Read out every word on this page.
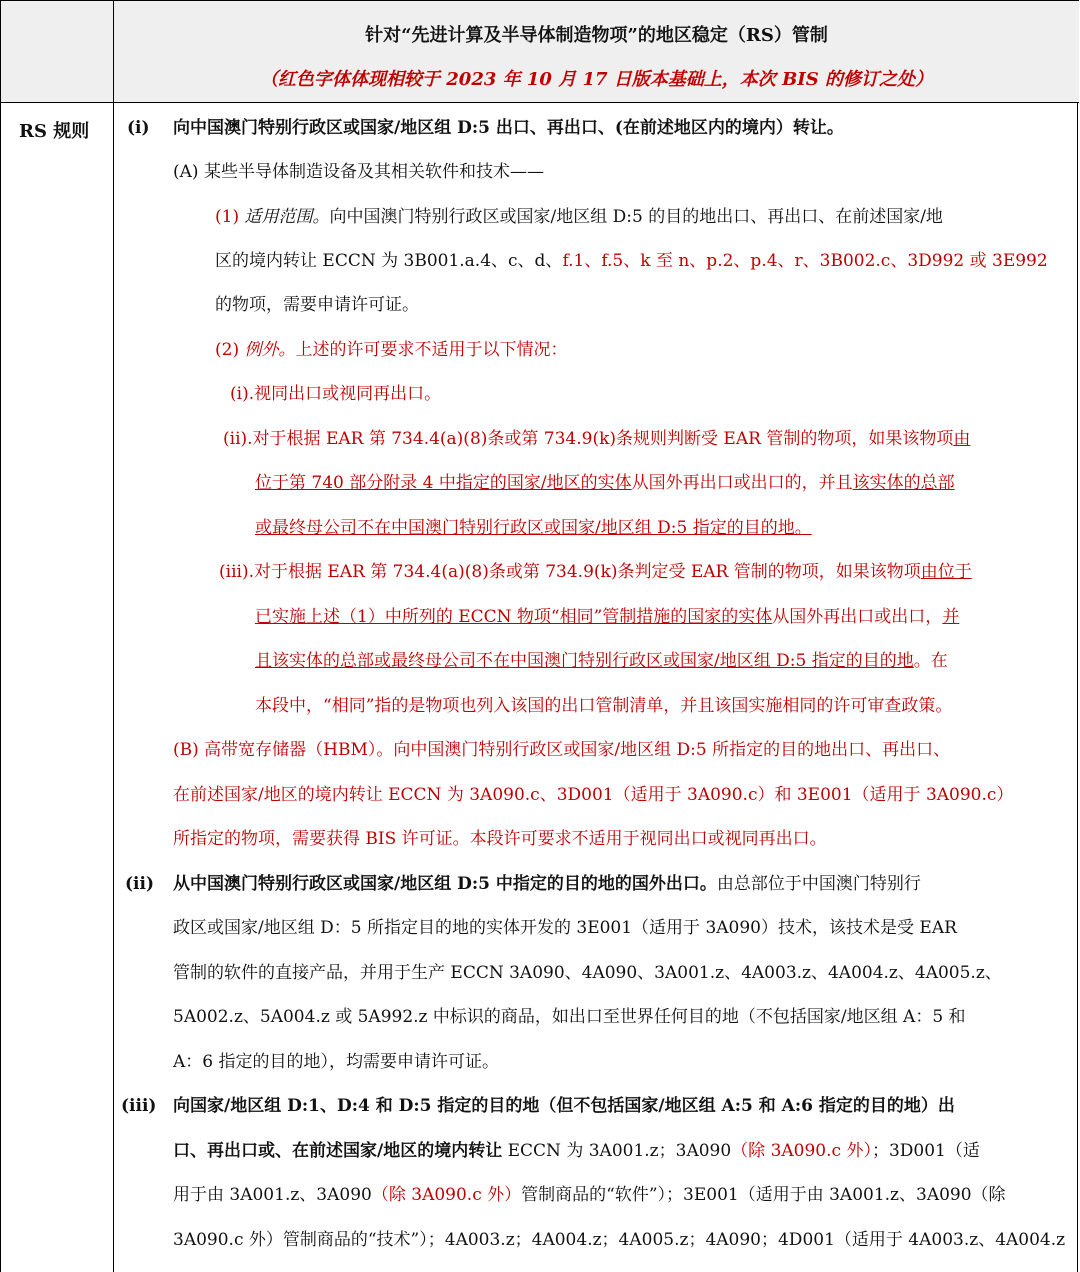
针对“先进计算及半导体制造物项”的地区稳定（RS）管制
（红色字体体现相较于 2023 年 10 月 17 日版本基础上，本次 BIS 的修订之处）
RS 规则 (i) 向中国澳门特别行政区或国家/地区组 D:5 出口、再出口、(在前述地区内的境内）转让。
(A) 某些半导体制造设备及其相关软件和技术——
(1) 适用范围。向中国澳门特别行政区或国家/地区组 D:5 的目的地出口、再出口、在前述国家/地
区的境内转让 ECCN 为 3B001.a.4、c、d、f.1、f.5、k 至 n、p.2、p.4、r、3B002.c、3D992 或 3E992
的物项，需要申请许可证。
(2) 例外。上述的许可要求不适用于以下情况：
(i).视同出口或视同再出口。
(ii).对于根据 EAR 第 734.4(a)(8)条或第 734.9(k)条规则判断受 EAR 管制的物项，如果该物项由
位于第 740 部分附录 4 中指定的国家/地区的实体从国外再出口或出口的，并且该实体的总部
或最终母公司不在中国澳门特别行政区或国家/地区组 D:5 指定的目的地。
(iii).对于根据 EAR 第 734.4(a)(8)条或第 734.9(k)条判定受 EAR 管制的物项，如果该物项由位于
已实施上述（1）中所列的 ECCN 物项“相同”管制措施的国家的实体从国外再出口或出口，并
且该实体的总部或最终母公司不在中国澳门特别行政区或国家/地区组 D:5 指定的目的地。在
本段中，“相同”指的是物项也列入该国的出口管制清单，并且该国实施相同的许可审查政策。
(B) 高带宽存储器（HBM）。向中国澳门特别行政区或国家/地区组 D:5 所指定的目的地出口、再出口、
在前述国家/地区的境内转让 ECCN 为 3A090.c、3D001（适用于 3A090.c）和 3E001（适用于 3A090.c）
所指定的物项，需要获得 BIS 许可证。本段许可要求不适用于视同出口或视同再出口。
(ii) 从中国澳门特别行政区或国家/地区组 D:5 中指定的目的地的国外出口。由总部位于中国澳门特别行
政区或国家/地区组 D：5 所指定目的地的实体开发的 3E001（适用于 3A090）技术，该技术是受 EAR
管制的软件的直接产品，并用于生产 ECCN 3A090、4A090、3A001.z、4A003.z、4A004.z、4A005.z、
5A002.z、5A004.z 或 5A992.z 中标识的商品，如出口至世界任何目的地（不包括国家/地区组 A：5 和
A：6 指定的目的地），均需要申请许可证。
(iii) 向国家/地区组 D:1、D:4 和 D:5 指定的目的地（但不包括国家/地区组 A:5 和 A:6 指定的目的地）出
口、再出口或、在前述国家/地区的境内转让 ECCN 为 3A001.z；3A090（除 3A090.c 外）；3D001（适
用于由 3A001.z、3A090（除 3A090.c 外）管制商品的“软件”）；3E001（适用于由 3A001.z、3A090（除
3A090.c 外）管制商品的“技术”）；4A003.z；4A004.z；4A005.z；4A090；4D001（适用于 4A003.z、4A004.z
